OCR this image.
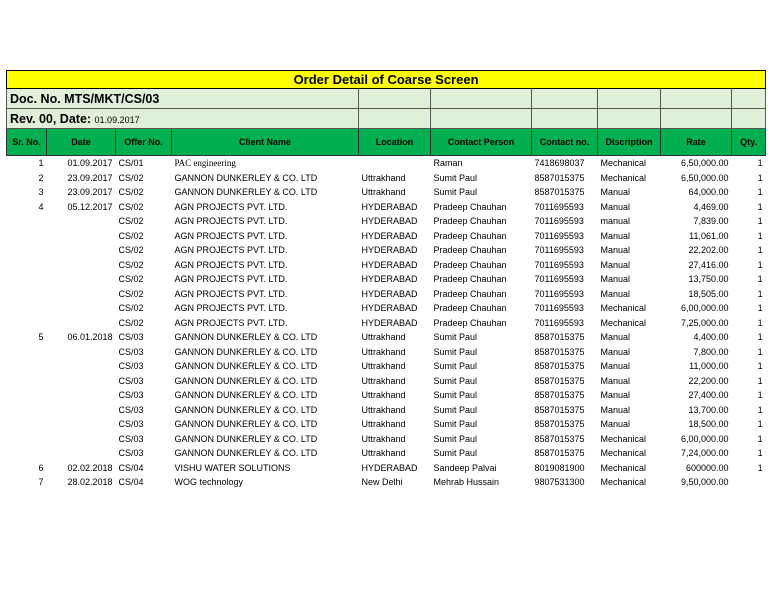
Order Detail of Coarse Screen									
Doc. No. MTS/MKT/CS/03									
Rev. 00, Date: 01.09.2017									
Sr. No.	Date	Offer No.	Client Name	Location	Contact Person	Contact no.	Discription	Rate	Qty.
1	01.09.2017	CS/01	PAC engineering		Raman	7418698037	Mechanical	6,50,000.00	1
2	23.09.2017	CS/02	GANNON DUNKERLEY & CO. LTD	Uttrakhand	Sumit Paul	8587015375	Mechanical	6,50,000.00	1
3	23.09.2017	CS/02	GANNON DUNKERLEY & CO. LTD	Uttrakhand	Sumit Paul	8587015375	Manual	64,000.00	1
4	05.12.2017	CS/02	AGN PROJECTS PVT. LTD.	HYDERABAD	Pradeep Chauhan	7011695593	Manual	4,469.00	1
		CS/02	AGN PROJECTS PVT. LTD.	HYDERABAD	Pradeep Chauhan	7011695593	manual	7,839.00	1
		CS/02	AGN PROJECTS PVT. LTD.	HYDERABAD	Pradeep Chauhan	7011695593	Manual	11,061.00	1
		CS/02	AGN PROJECTS PVT. LTD.	HYDERABAD	Pradeep Chauhan	7011695593	Manual	22,202.00	1
		CS/02	AGN PROJECTS PVT. LTD.	HYDERABAD	Pradeep Chauhan	7011695593	Manual	27,416.00	1
		CS/02	AGN PROJECTS PVT. LTD.	HYDERABAD	Pradeep Chauhan	7011695593	Manual	13,750.00	1
		CS/02	AGN PROJECTS PVT. LTD.	HYDERABAD	Pradeep Chauhan	7011695593	Manual	18,505.00	1
		CS/02	AGN PROJECTS PVT. LTD.	HYDERABAD	Pradeep Chauhan	7011695593	Mechanical	6,00,000.00	1
		CS/02	AGN PROJECTS PVT. LTD.	HYDERABAD	Pradeep Chauhan	7011695593	Mechanical	7,25,000.00	1
5	06.01.2018	CS/03	GANNON DUNKERLEY & CO. LTD	Uttrakhand	Sumit Paul	8587015375	Manual	4,400.00	1
		CS/03	GANNON DUNKERLEY & CO. LTD	Uttrakhand	Sumit Paul	8587015375	Manual	7,800.00	1
		CS/03	GANNON DUNKERLEY & CO. LTD	Uttrakhand	Sumit Paul	8587015375	Manual	11,000.00	1
		CS/03	GANNON DUNKERLEY & CO. LTD	Uttrakhand	Sumit Paul	8587015375	Manual	22,200.00	1
		CS/03	GANNON DUNKERLEY & CO. LTD	Uttrakhand	Sumit Paul	8587015375	Manual	27,400.00	1
		CS/03	GANNON DUNKERLEY & CO. LTD	Uttrakhand	Sumit Paul	8587015375	Manual	13,700.00	1
		CS/03	GANNON DUNKERLEY & CO. LTD	Uttrakhand	Sumit Paul	8587015375	Manual	18,500.00	1
		CS/03	GANNON DUNKERLEY & CO. LTD	Uttrakhand	Sumit Paul	8587015375	Mechanical	6,00,000.00	1
		CS/03	GANNON DUNKERLEY & CO. LTD	Uttrakhand	Sumit Paul	8587015375	Mechanical	7,24,000.00	1
6	02.02.2018	CS/04	VISHU WATER SOLUTIONS	HYDERABAD	Sandeep Palvai	8019081900	Mechanical	600000.00	1
7	28.02.2018	CS/04	WOG technology	New Delhi	Mehrab Hussain	9807531300	Mechanical	9,50,000.00	
